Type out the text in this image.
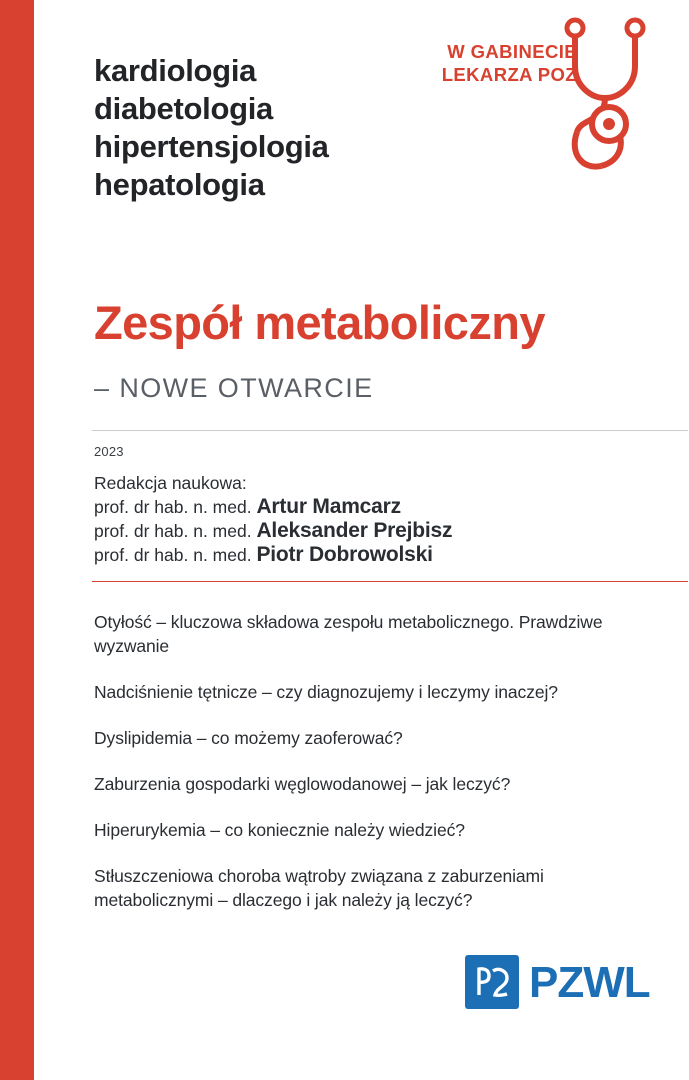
kardiologia
diabetologia
hipertensjologia
hepatologia
W GABINECIE
LEKARZA POZ
Zespół metaboliczny
– NOWE OTWARCIE
2023
Redakcja naukowa:
prof. dr hab. n. med. Artur Mamcarz
prof. dr hab. n. med. Aleksander Prejbisz
prof. dr hab. n. med. Piotr Dobrowolski
Otyłość – kluczowa składowa zespołu metabolicznego. Prawdziwe wyzwanie
Nadciśnienie tętnicze – czy diagnozujemy i leczymy inaczej?
Dyslipidemia – co możemy zaoferować?
Zaburzenia gospodarki węglowodanowej – jak leczyć?
Hiperurykemia – co koniecznie należy wiedzieć?
Stłuszczeniowa choroba wątroby związana z zaburzeniami metabolicznymi – dlaczego i jak należy ją leczyć?
PZWL
